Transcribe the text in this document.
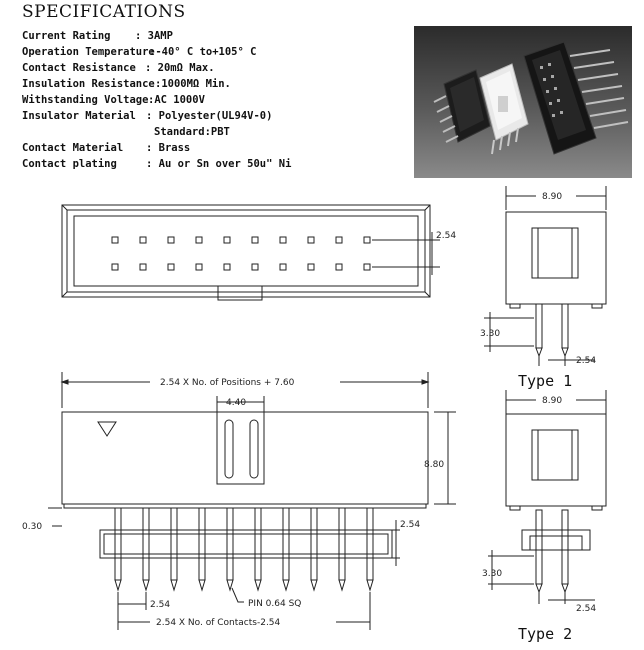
SPECIFICATIONS
Current Rating : 3AMP
Operation Temperature
:-40° C to+105° C
Contact Resistance : 20mΩ Max.
Insulation Resistance :1000MΩ Min.
Withstanding Voltage :AC 1000V
Insulator Material : Polyester(UL94V-0)
Standard:PBT
Contact Material : Brass
Contact plating	: Au or Sn over 50u" Ni
2.54
2.54 X No. of Positions + 7.60
4.40
8.80
0.30	2.54
2.54	PIN 0.64 SQ
2.54 X No. of Contacts-2.54
8.90
3.30
2.54
Type 1
8.90
3.30
2.54
Type 2
